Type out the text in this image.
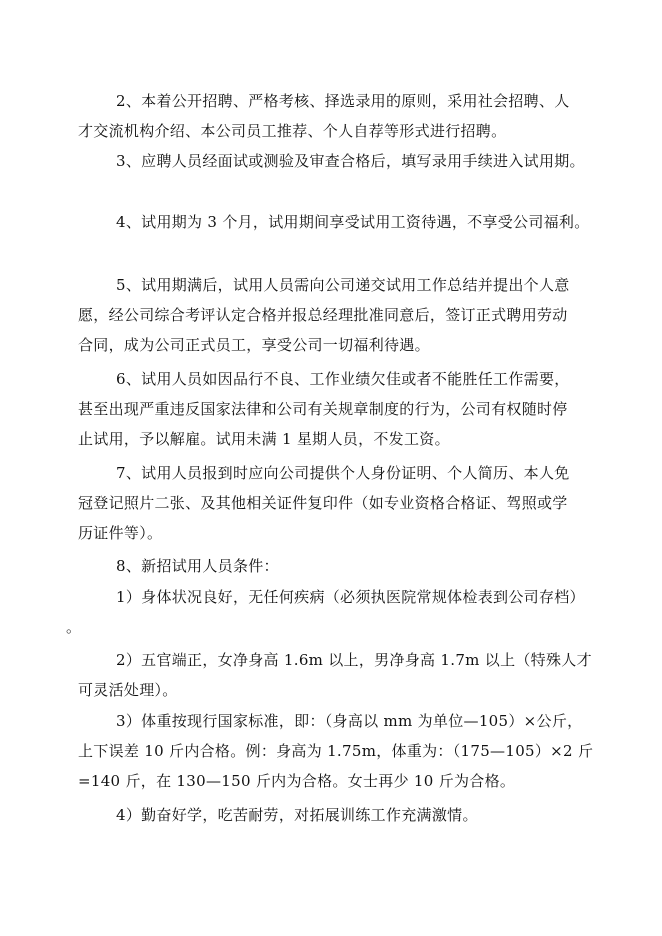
2、本着公开招聘、严格考核、择选录用的原则，采用社会招聘、人
才交流机构介绍、本公司员工推荐、个人自荐等形式进行招聘。
3、应聘人员经面试或测验及审查合格后，填写录用手续进入试用期。
4、试用期为 3 个月，试用期间享受试用工资待遇，不享受公司福利。
5、试用期满后，试用人员需向公司递交试用工作总结并提出个人意
愿，经公司综合考评认定合格并报总经理批准同意后，签订正式聘用劳动
合同，成为公司正式员工，享受公司一切福利待遇。
6、试用人员如因品行不良、工作业绩欠佳或者不能胜任工作需要，
甚至出现严重违反国家法律和公司有关规章制度的行为，公司有权随时停
止试用，予以解雇。试用未满 1 星期人员，不发工资。
7、试用人员报到时应向公司提供个人身份证明、个人简历、本人免
冠登记照片二张、及其他相关证件复印件（如专业资格合格证、驾照或学
历证件等）。
8、新招试用人员条件：
1）身体状况良好，无任何疾病（必须执医院常规体检表到公司存档）
。
2）五官端正，女净身高 1.6m 以上，男净身高 1.7m 以上（特殊人才
可灵活处理）。
3）体重按现行国家标准，即：（身高以 mm 为单位—105）×公斤，
上下误差 10 斤内合格。例：身高为 1.75m，体重为：（175—105）×2 斤
=140 斤，在 130—150 斤内为合格。女士再少 10 斤为合格。
4）勤奋好学，吃苦耐劳，对拓展训练工作充满激情。
